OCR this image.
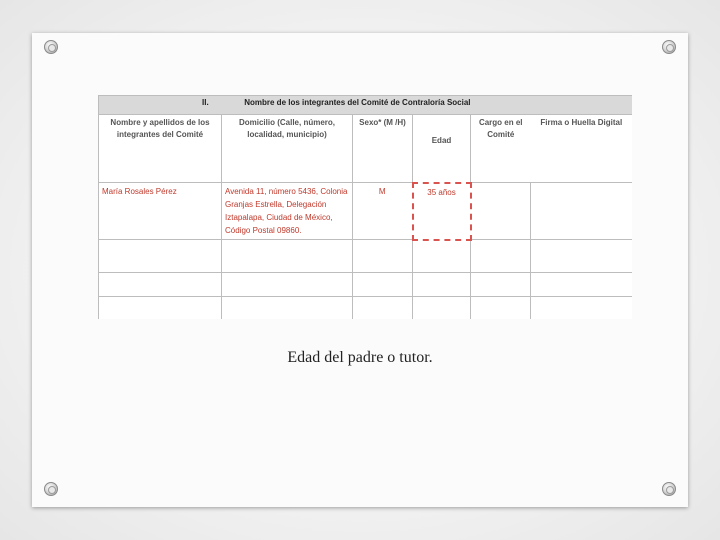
II. Nombre de los integrantes del Comité de Contraloría Social					
Nombre y apellidos de los integrantes del Comité	Domicilio (Calle, número, localidad, municipio)	Sexo* (M /H)	Edad	Cargo en el Comité	Firma o Huella Digital
María Rosales Pérez	Avenida 11, número 5436, Colonia Granjas Estrella, Delegación Iztapalapa, Ciudad de México, Código Postal 09860.	M	35 años		

Edad del padre o tutor.
